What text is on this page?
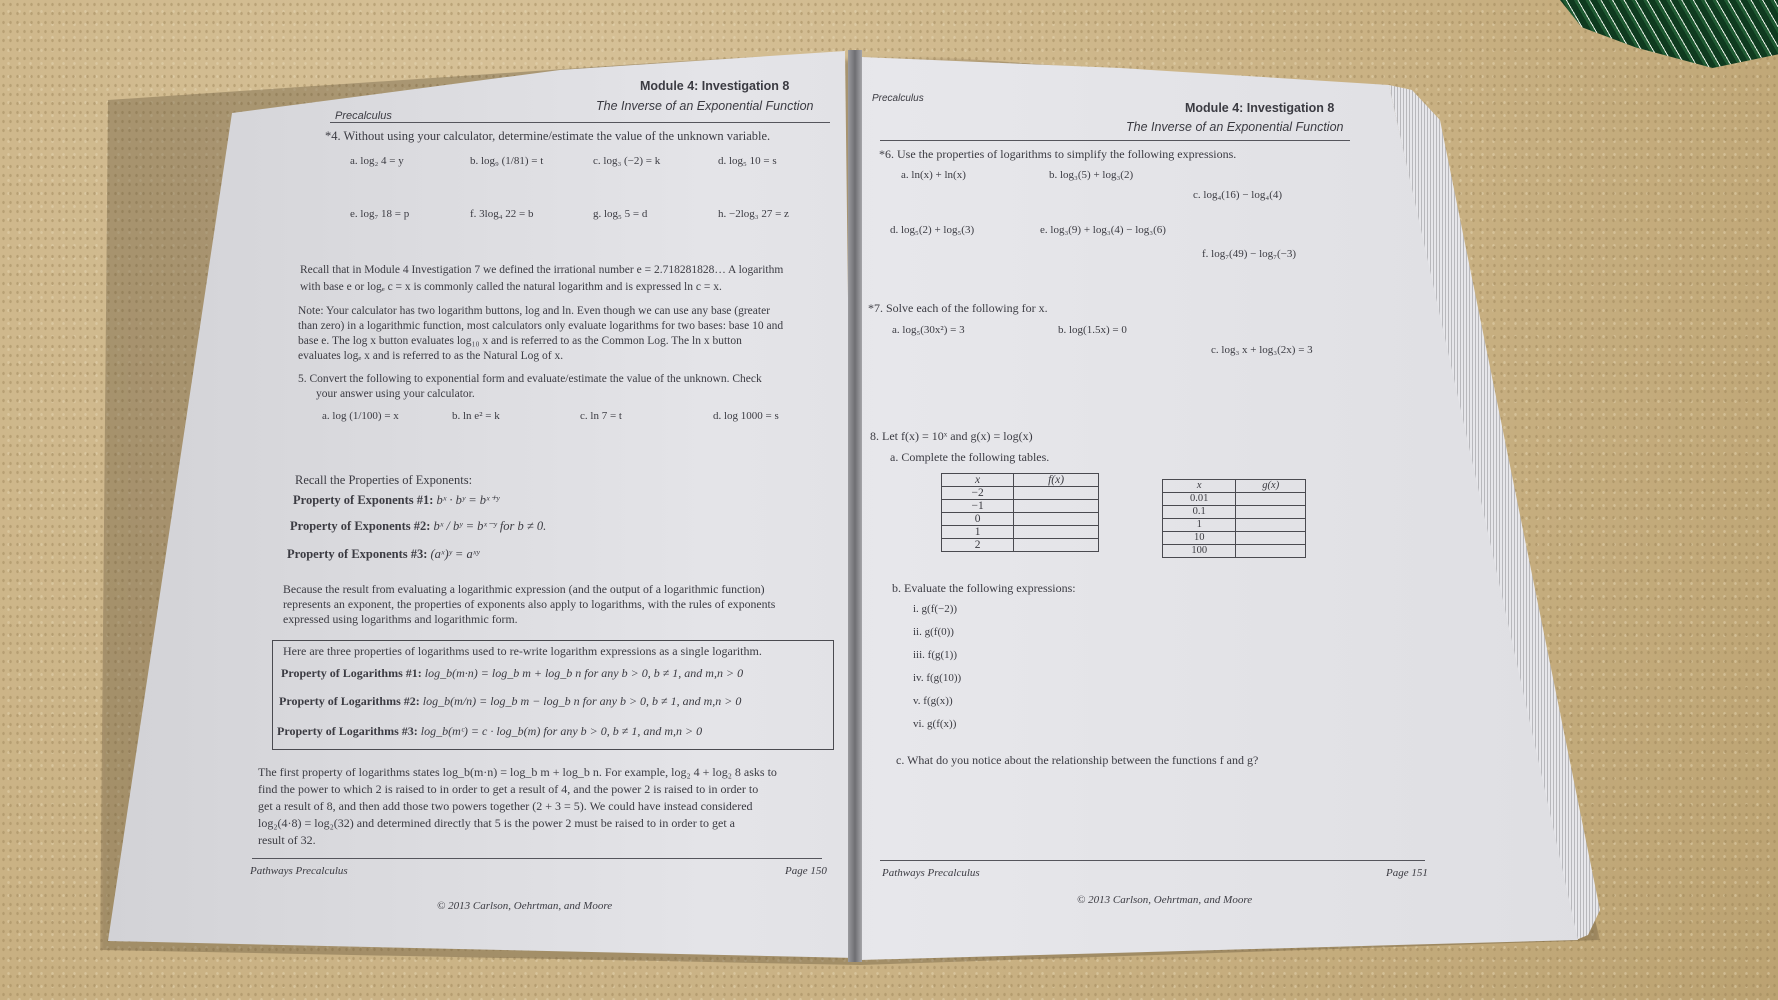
Precalculus
Module 4: Investigation 8
The Inverse of an Exponential Function
*4. Without using your calculator, determine/estimate the value of the unknown variable.
a. log₂ 4 = y	b. log₉ (1/81) = t	c. log₃ (−2) = k	d. log₅ 10 = s
e. log₇ 18 = p	f. 3log₄ 22 = b	g. log₅ 5 = d	h. −2log₃ 27 = z
Recall that in Module 4 Investigation 7 we defined the irrational number e = 2.718281828… A logarithm
with base e or logₑ c = x is commonly called the natural logarithm and is expressed ln c = x.
Note: Your calculator has two logarithm buttons, log and ln. Even though we can use any base (greater
than zero) in a logarithmic function, most calculators only evaluate logarithms for two bases: base 10 and
base e. The log x button evaluates log₁₀ x and is referred to as the Common Log. The ln x button
evaluates logₑ x and is referred to as the Natural Log of x.
5. Convert the following to exponential form and evaluate/estimate the value of the unknown. Check
your answer using your calculator.
a. log (1/100) = x	b. ln e² = k	c. ln 7 = t	d. log 1000 = s
Recall the Properties of Exponents:
Property of Exponents #1: bˣ · bʸ = bˣ⁺ʸ
Property of Exponents #2: bˣ / bʸ = bˣ⁻ʸ for b ≠ 0.
Property of Exponents #3: (aˣ)ʸ = aˣʸ
Because the result from evaluating a logarithmic expression (and the output of a logarithmic function)
represents an exponent, the properties of exponents also apply to logarithms, with the rules of exponents
expressed using logarithms and logarithmic form.
Here are three properties of logarithms used to re-write logarithm expressions as a single logarithm.
Property of Logarithms #1: log_b(m·n) = log_b m + log_b n for any b > 0, b ≠ 1, and m,n > 0
Property of Logarithms #2: log_b(m/n) = log_b m − log_b n for any b > 0, b ≠ 1, and m,n > 0
Property of Logarithms #3: log_b(mᶜ) = c · log_b(m) for any b > 0, b ≠ 1, and m,n > 0
The first property of logarithms states log_b(m·n) = log_b m + log_b n. For example, log₂ 4 + log₂ 8 asks to
find the power to which 2 is raised to in order to get a result of 4, and the power 2 is raised to in order to
get a result of 8, and then add those two powers together (2 + 3 = 5). We could have instead considered
log₂(4·8) = log₂(32) and determined directly that 5 is the power 2 must be raised to in order to get a
result of 32.
Pathways Precalculus	Page 150
© 2013 Carlson, Oehrtman, and Moore
Precalculus
Module 4: Investigation 8
The Inverse of an Exponential Function
*6. Use the properties of logarithms to simplify the following expressions.
a. ln(x) + ln(x)	b. log₃(5) + log₃(2)
c. log₄(16) − log₄(4)
d. log₅(2) + log₅(3)	e. log₃(9) + log₃(4) − log₃(6)
f. log₇(49) − log₇(−3)
*7. Solve each of the following for x.
a. log₅(30x²) = 3	b. log(1.5x) = 0
c. log₃ x + log₃(2x) = 3
8. Let f(x) = 10ˣ and g(x) = log(x)
a. Complete the following tables.
x	f(x)
−2	
−1	
0	
1	
2	
x	g(x)
0.01	
0.1	
1	
10	
100	
b. Evaluate the following expressions:
i. g(f(−2))
ii. g(f(0))
iii. f(g(1))
iv. f(g(10))
v. f(g(x))
vi. g(f(x))
c. What do you notice about the relationship between the functions f and g?
Pathways Precalculus	Page 151
© 2013 Carlson, Oehrtman, and Moore
